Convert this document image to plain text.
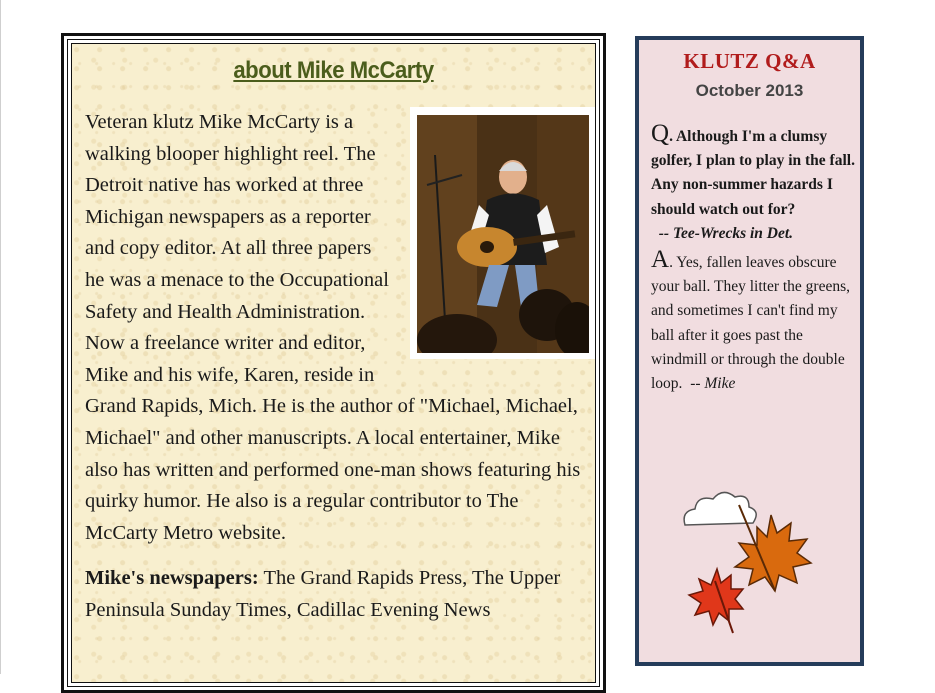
about Mike McCarty

Veteran klutz Mike McCarty is a walking blooper highlight reel. The Detroit native has worked at three Michigan newspapers as a reporter and copy editor. At all three papers he was a menace to the Occupational Safety and Health Administration. Now a freelance writer and editor, Mike and his wife, Karen, reside in Grand Rapids, Mich. He is the author of "Michael, Michael, Michael" and other manuscripts. A local entertainer, Mike also has written and performed one-man shows featuring his quirky humor. He also is a regular contributor to The McCarty Metro website.

Mike's newspapers: The Grand Rapids Press, The Upper Peninsula Sunday Times, Cadillac Evening News

KLUTZ Q&A
October 2013
Q. Although I'm a clumsy golfer, I plan to play in the fall. Any non-summer hazards I should watch out for?
-- Tee-Wrecks in Det.
A. Yes, fallen leaves obscure your ball. They litter the greens, and sometimes I can't find my ball after it goes past the windmill or through the double loop. -- Mike
